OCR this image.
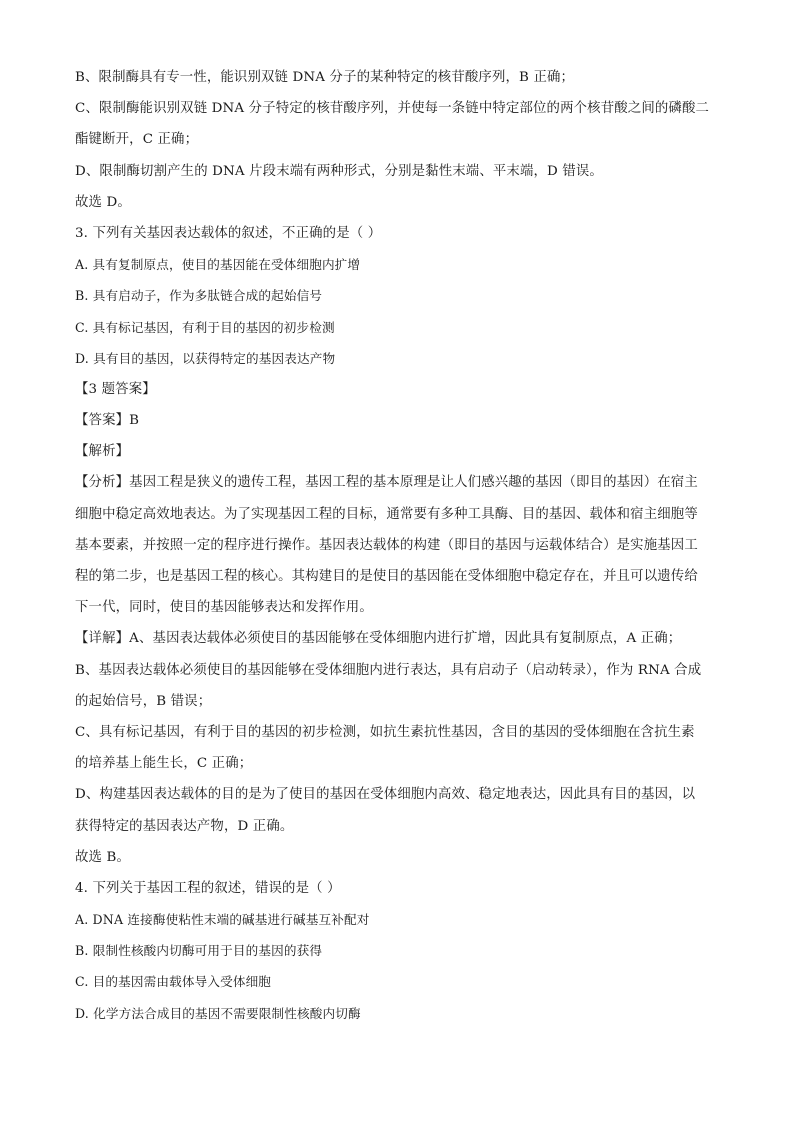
B、限制酶具有专一性，能识别双链 DNA 分子的某种特定的核苷酸序列，B 正确；
C、限制酶能识别双链 DNA 分子特定的核苷酸序列，并使每一条链中特定部位的两个核苷酸之间的磷酸二
酯键断开，C 正确；
D、限制酶切割产生的 DNA 片段末端有两种形式，分别是黏性末端、平末端，D 错误。
故选 D。
3. 下列有关基因表达载体的叙述，不正确的是（ ）
A. 具有复制原点，使目的基因能在受体细胞内扩增
B. 具有启动子，作为多肽链合成的起始信号
C. 具有标记基因，有利于目的基因的初步检测
D. 具有目的基因，以获得特定的基因表达产物
【3 题答案】
【答案】B
【解析】
【分析】基因工程是狭义的遗传工程，基因工程的基本原理是让人们感兴趣的基因（即目的基因）在宿主
细胞中稳定高效地表达。为了实现基因工程的目标，通常要有多种工具酶、目的基因、载体和宿主细胞等
基本要素，并按照一定的程序进行操作。基因表达载体的构建（即目的基因与运载体结合）是实施基因工
程的第二步，也是基因工程的核心。其构建目的是使目的基因能在受体细胞中稳定存在，并且可以遗传给
下一代，同时，使目的基因能够表达和发挥作用。
【详解】A、基因表达载体必须使目的基因能够在受体细胞内进行扩增，因此具有复制原点，A 正确；
B、基因表达载体必须使目的基因能够在受体细胞内进行表达，具有启动子（启动转录），作为 RNA 合成
的起始信号，B 错误；
C、具有标记基因，有利于目的基因的初步检测，如抗生素抗性基因，含目的基因的受体细胞在含抗生素
的培养基上能生长，C 正确；
D、构建基因表达载体的目的是为了使目的基因在受体细胞内高效、稳定地表达，因此具有目的基因，以
获得特定的基因表达产物，D 正确。
故选 B。
4. 下列关于基因工程的叙述，错误的是（ ）
A. DNA 连接酶使粘性末端的碱基进行碱基互补配对
B. 限制性核酸内切酶可用于目的基因的获得
C. 目的基因需由载体导入受体细胞
D. 化学方法合成目的基因不需要限制性核酸内切酶
